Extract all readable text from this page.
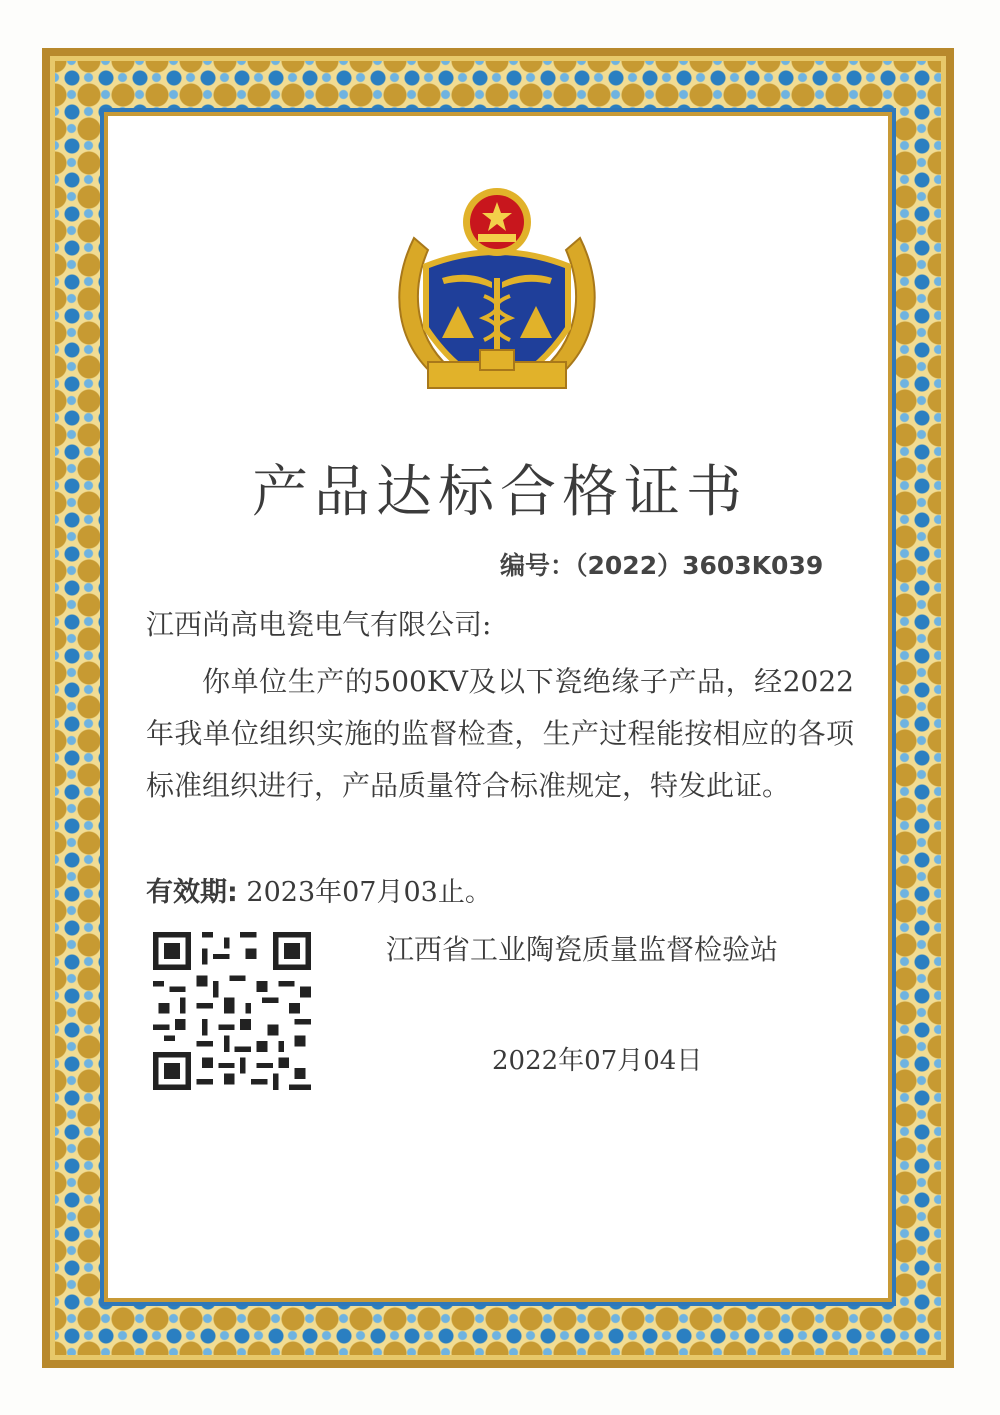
产品达标合格证书
编号：（2022）3603K039
江西尚高电瓷电气有限公司:

你单位生产的500KV及以下瓷绝缘子产品，经2022年我单位组织实施的监督检查，生产过程能按相应的各项标准组织进行，产品质量符合标准规定，特发此证。

有效期: 2023年07月03止。
江西省工业陶瓷质量监督检验站
2022年07月04日
